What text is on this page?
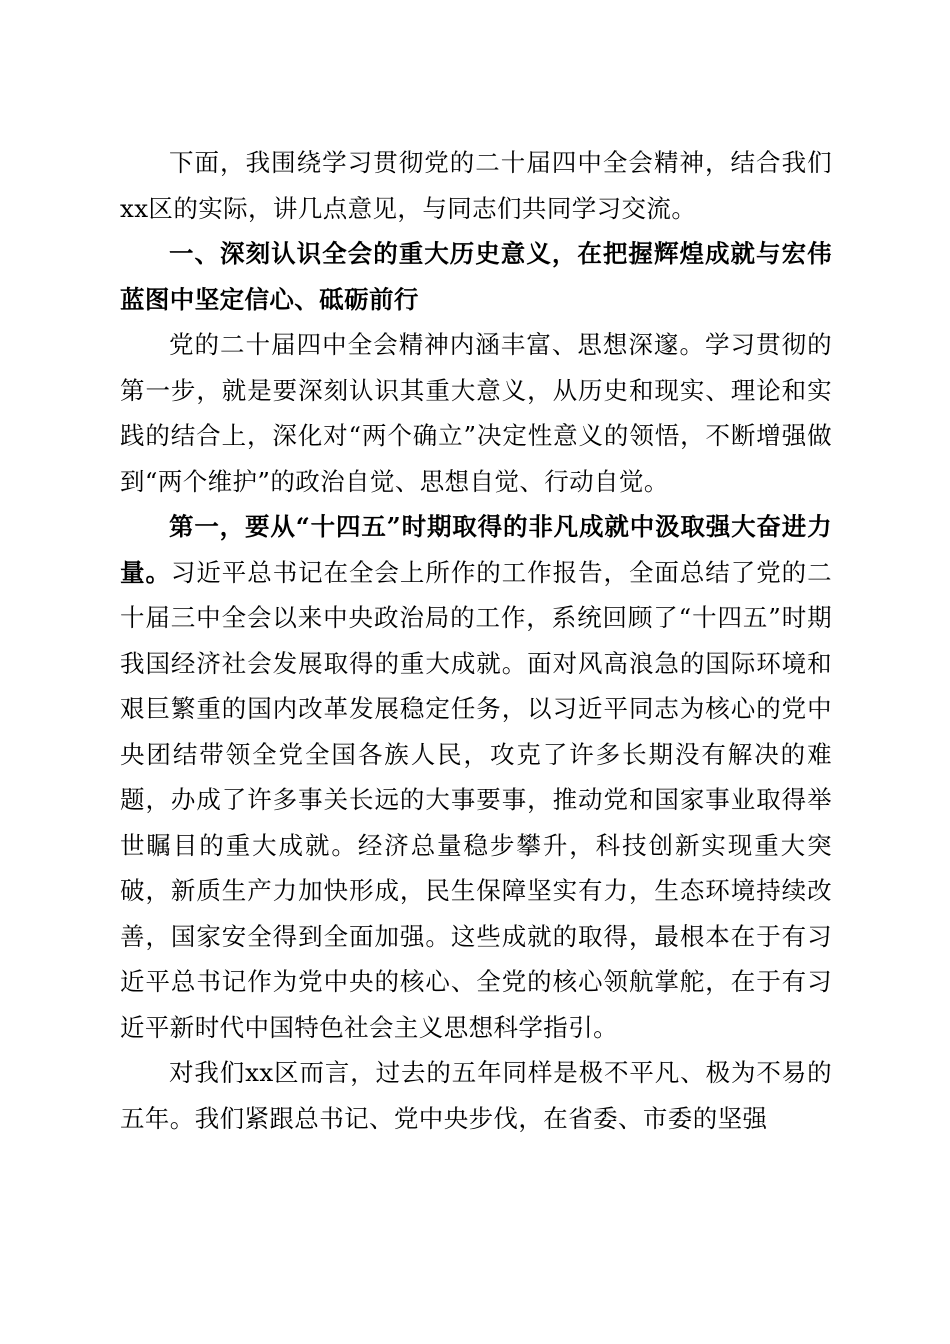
下面，我围绕学习贯彻党的二十届四中全会精神，结合我们xx区的实际，讲几点意见，与同志们共同学习交流。

一、深刻认识全会的重大历史意义，在把握辉煌成就与宏伟蓝图中坚定信心、砥砺前行

党的二十届四中全会精神内涵丰富、思想深邃。学习贯彻的第一步，就是要深刻认识其重大意义，从历史和现实、理论和实践的结合上，深化对“两个确立”决定性意义的领悟，不断增强做到“两个维护”的政治自觉、思想自觉、行动自觉。

第一，要从“十四五”时期取得的非凡成就中汲取强大奋进力量。习近平总书记在全会上所作的工作报告，全面总结了党的二十届三中全会以来中央政治局的工作，系统回顾了“十四五”时期我国经济社会发展取得的重大成就。面对风高浪急的国际环境和艰巨繁重的国内改革发展稳定任务，以习近平同志为核心的党中央团结带领全党全国各族人民，攻克了许多长期没有解决的难题，办成了许多事关长远的大事要事，推动党和国家事业取得举世瞩目的重大成就。经济总量稳步攀升，科技创新实现重大突破，新质生产力加快形成，民生保障坚实有力，生态环境持续改善，国家安全得到全面加强。这些成就的取得，最根本在于有习近平总书记作为党中央的核心、全党的核心领航掌舵，在于有习近平新时代中国特色社会主义思想科学指引。

对我们xx区而言，过去的五年同样是极不平凡、极为不易的五年。我们紧跟总书记、党中央步伐，在省委、市委的坚强
